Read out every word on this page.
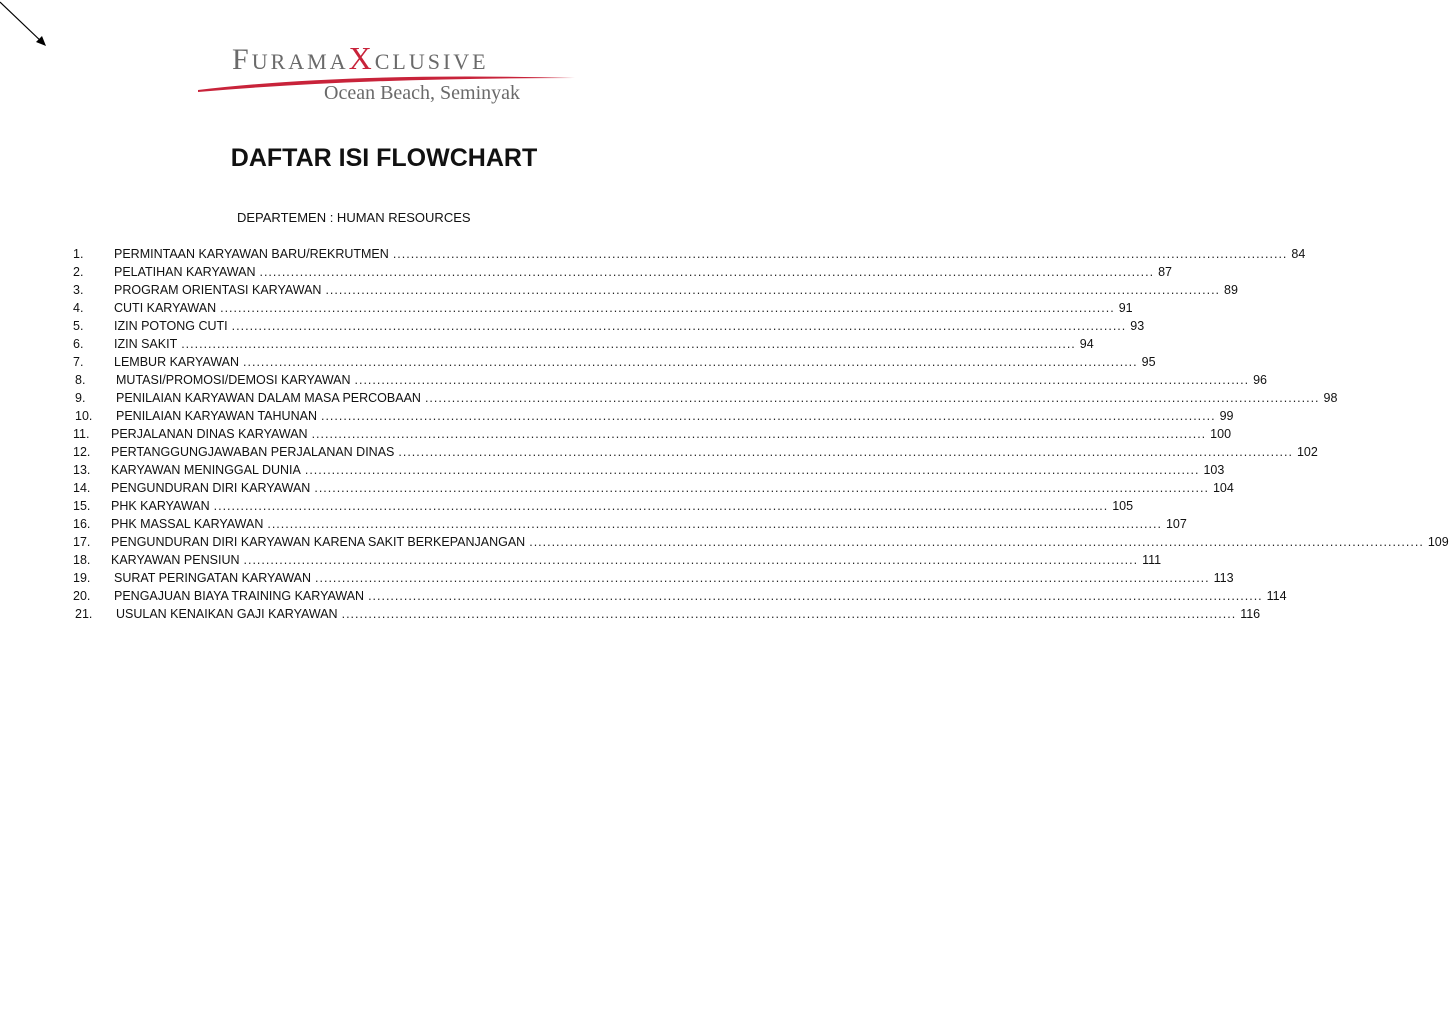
FURAMAXCLUSIVE
Ocean Beach, Seminyak
DAFTAR ISI FLOWCHART
DEPARTEMEN : HUMAN RESOURCES
1.	PERMINTAAN KARYAWAN BARU/REKRUTMEN ........................................................................................................................................................................................................ 84
2.	PELATIHAN KARYAWAN ........................................................................................................................................................................................................ 87
3.	PROGRAM ORIENTASI KARYAWAN ........................................................................................................................................................................................................ 89
4.	CUTI KARYAWAN ........................................................................................................................................................................................................ 91
5.	IZIN POTONG CUTI ........................................................................................................................................................................................................ 93
6.	IZIN SAKIT ........................................................................................................................................................................................................ 94
7.	LEMBUR KARYAWAN ........................................................................................................................................................................................................ 95
8.	MUTASI/PROMOSI/DEMOSI KARYAWAN ........................................................................................................................................................................................................ 96
9.	PENILAIAN KARYAWAN DALAM MASA PERCOBAAN ........................................................................................................................................................................................................ 98
10.	PENILAIAN KARYAWAN TAHUNAN ........................................................................................................................................................................................................ 99
11.	PERJALANAN DINAS KARYAWAN ........................................................................................................................................................................................................ 100
12.	PERTANGGUNGJAWABAN PERJALANAN DINAS ........................................................................................................................................................................................................ 102
13.	KARYAWAN MENINGGAL DUNIA ........................................................................................................................................................................................................ 103
14.	PENGUNDURAN DIRI KARYAWAN ........................................................................................................................................................................................................ 104
15.	PHK KARYAWAN ........................................................................................................................................................................................................ 105
16.	PHK MASSAL KARYAWAN ........................................................................................................................................................................................................ 107
17.	PENGUNDURAN DIRI KARYAWAN KARENA SAKIT BERKEPANJANGAN ........................................................................................................................................................................................................ 109
18.	KARYAWAN PENSIUN ........................................................................................................................................................................................................ 111
19.	SURAT PERINGATAN KARYAWAN ........................................................................................................................................................................................................ 113
20.	PENGAJUAN BIAYA TRAINING KARYAWAN ........................................................................................................................................................................................................ 114
21.	USULAN KENAIKAN GAJI KARYAWAN ........................................................................................................................................................................................................ 116
